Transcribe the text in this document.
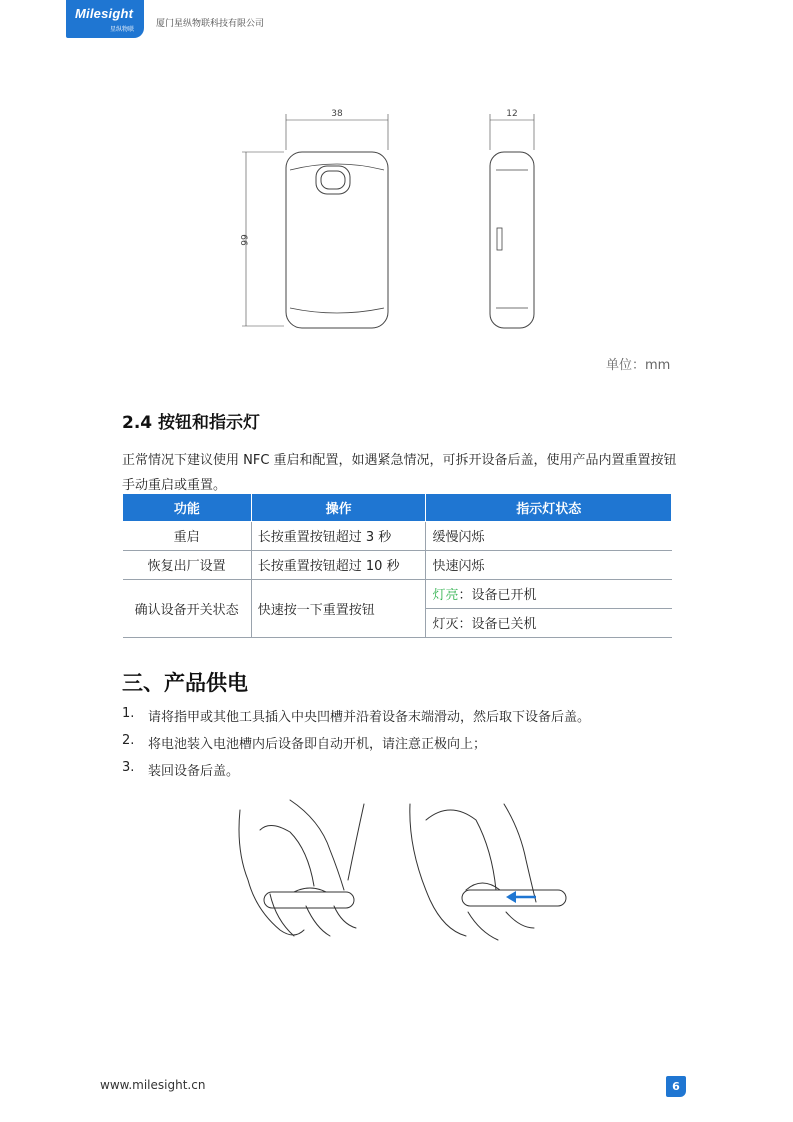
Milesight
星纵物联
厦门星纵物联科技有限公司
38	12
66
单位：mm
2.4 按钮和指示灯
正常情况下建议使用 NFC 重启和配置，如遇紧急情况，可拆开设备后盖，使用产品内置重置按钮手动重启或重置。
功能	操作	指示灯状态
重启	长按重置按钮超过 3 秒	缓慢闪烁
恢复出厂设置	长按重置按钮超过 10 秒	快速闪烁
确认设备开关状态	快速按一下重置按钮	灯亮：设备已开机
		灯灭：设备已关机
三、产品供电
1.	请将指甲或其他工具插入中央凹槽并沿着设备末端滑动，然后取下设备后盖。
2.	将电池装入电池槽内后设备即自动开机，请注意正极向上；
3.	装回设备后盖。
www.milesight.cn	6
